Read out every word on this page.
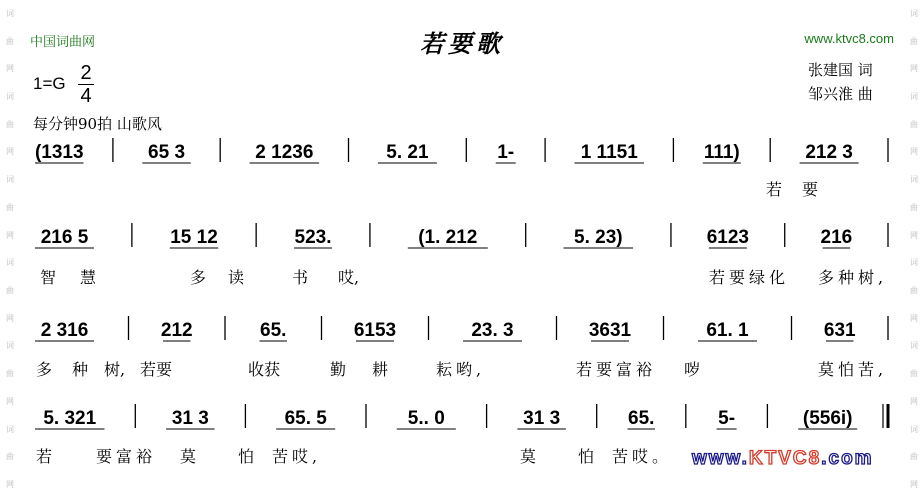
词
曲
网
词
曲
网
词
曲
网
词
曲
网
词
曲
网
词
曲
网
词
曲
网
词
曲
网
词
曲
网
词
曲
网
词
曲
网
词
曲
网
中国词曲网	www.ktvc8.com
若要歌
$1=G \frac{2}{4}$	张建国 词
邹兴淮 曲
每分钟90拍 山歌风
(1313	65 3	2 1236	5. 21	1-	1 1151	111)	212 3
若 要
216 5	15 12	523.	(1. 212	5. 23)	6123	216
智 慧	多 读	书 哎,	若要绿化 多种树,
2 316	212	65.	6153	23. 3	3631	61. 1	631
多 种 树, 若要	收获	勤 耕	耘哟,	若要富裕 哕	莫怕苦,
5. 321	31 3	65. 5	5.. 0	31 3	65.	5-	(556i)
若	要富裕 莫	怕 苦哎,	莫	怕 苦哎。 www.KTVC8.com
